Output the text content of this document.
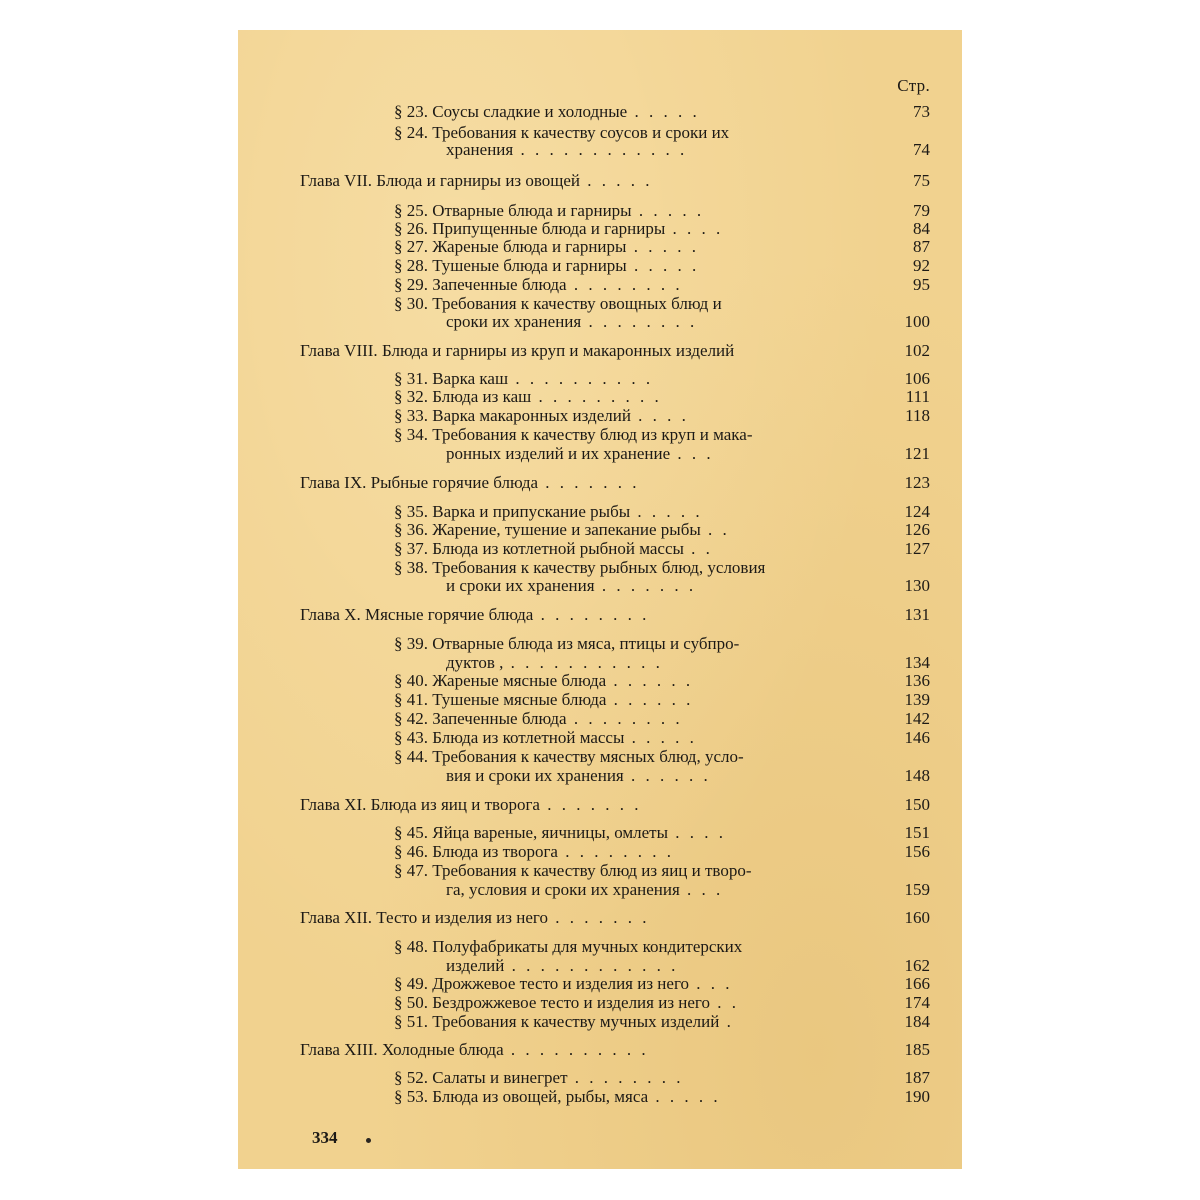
Стр.
§ 23. Соусы сладкие и холодные . . . . .	73
§ 24. Требования к качеству соусов и сроки их
хранения . . . . . . . . . . . .	74
Глава VII. Блюда и гарниры из овощей . . . . .	75
§ 25. Отварные блюда и гарниры . . . . .	79
§ 26. Припущенные блюда и гарниры . . . .	84
§ 27. Жареные блюда и гарниры . . . . .	87
§ 28. Тушеные блюда и гарниры . . . . .	92
§ 29. Запеченные блюда . . . . . . . .	95
§ 30. Требования к качеству овощных блюд и
сроки их хранения . . . . . . . .	100
Глава VIII. Блюда и гарниры из круп и макаронных изделий	102
§ 31. Варка каш . . . . . . . . . .	106
§ 32. Блюда из каш . . . . . . . . .	111
§ 33. Варка макаронных изделий . . . .	118
§ 34. Требования к качеству блюд из круп и мака-
ронных изделий и их хранение . . .	121
Глава IX. Рыбные горячие блюда . . . . . . .	123
§ 35. Варка и припускание рыбы . . . . .	124
§ 36. Жарение, тушение и запекание рыбы . .	126
§ 37. Блюда из котлетной рыбной массы . .	127
§ 38. Требования к качеству рыбных блюд, условия
и сроки их хранения . . . . . . .	130
Глава X. Мясные горячие блюда . . . . . . . .	131
§ 39. Отварные блюда из мяса, птицы и субпро-
дуктов , . . . . . . . . . . .	134
§ 40. Жареные мясные блюда . . . . . .	136
§ 41. Тушеные мясные блюда . . . . . .	139
§ 42. Запеченные блюда . . . . . . . .	142
§ 43. Блюда из котлетной массы . . . . .	146
§ 44. Требования к качеству мясных блюд, усло-
вия и сроки их хранения . . . . . .	148
Глава XI. Блюда из яиц и творога . . . . . . .	150
§ 45. Яйца вареные, яичницы, омлеты . . . .	151
§ 46. Блюда из творога . . . . . . . .	156
§ 47. Требования к качеству блюд из яиц и творо-
га, условия и сроки их хранения . . .	159
Глава XII. Тесто и изделия из него . . . . . . .	160
§ 48. Полуфабрикаты для мучных кондитерских
изделий . . . . . . . . . . . .	162
§ 49. Дрожжевое тесто и изделия из него . . .	166
§ 50. Бездрожжевое тесто и изделия из него . .	174
§ 51. Требования к качеству мучных изделий .	184
Глава XIII. Холодные блюда . . . . . . . . . .	185
§ 52. Салаты и винегрет . . . . . . . .	187
§ 53. Блюда из овощей, рыбы, мяса . . . . .	190
334
